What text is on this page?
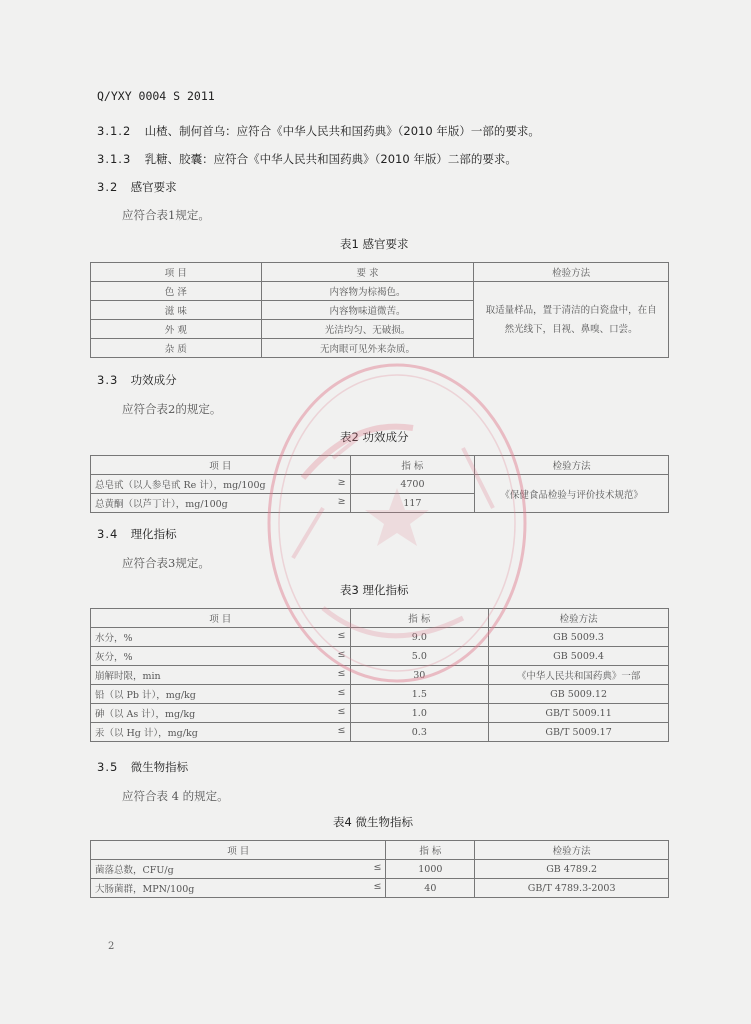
Q/YXY 0004 S 2011
3.1.2 山楂、制何首乌：应符合《中华人民共和国药典》（2010 年版）一部的要求。
3.1.3 乳糖、胶囊：应符合《中华人民共和国药典》（2010 年版）二部的要求。
3.2 感官要求
应符合表1规定。
表1 感官要求
项 目	要 求	检验方法
色 泽	内容物为棕褐色。	取适量样品，置于清洁的白瓷盘中，在自然光线下，目视、鼻嗅、口尝。
滋 味	内容物味道微苦。	
外 观	光洁均匀、无破损。	
杂 质	无肉眼可见外来杂质。	
3.3 功效成分
应符合表2的规定。
表2 功效成分
项 目	指 标	检验方法
总皂甙（以人参皂甙 Re 计），mg/100g ≥	4700	《保健食品检验与评价技术规范》
总黄酮（以芦丁计），mg/100g ≥	117	
3.4 理化指标
应符合表3规定。
表3 理化指标
项 目	指 标	检验方法
水分，% ≤	9.0	GB 5009.3
灰分，% ≤	5.0	GB 5009.4
崩解时限，min ≤	30	《中华人民共和国药典》一部
铅（以 Pb 计），mg/kg ≤	1.5	GB 5009.12
砷（以 As 计），mg/kg ≤	1.0	GB/T 5009.11
汞（以 Hg 计），mg/kg ≤	0.3	GB/T 5009.17
3.5 微生物指标
应符合表 4 的规定。
表4 微生物指标
项 目	指 标	检验方法
菌落总数，CFU/g ≤	1000	GB 4789.2
大肠菌群，MPN/100g ≤	40	GB/T 4789.3-2003
2
